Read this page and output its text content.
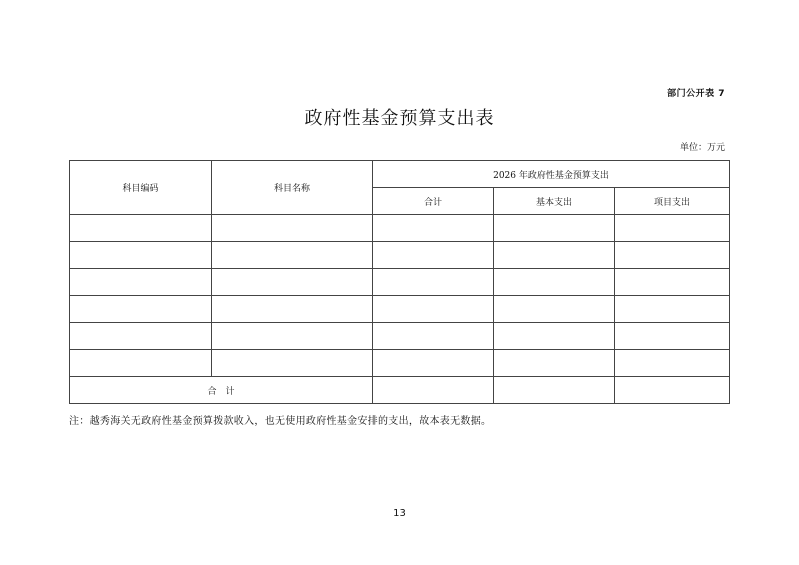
部门公开表 7
政府性基金预算支出表
单位：万元
科目编码	科目名称	2026 年政府性基金预算支出		
		合计	基本支出	项目支出

合　计				
注：越秀海关无政府性基金预算拨款收入，也无使用政府性基金安排的支出，故本表无数据。
13
